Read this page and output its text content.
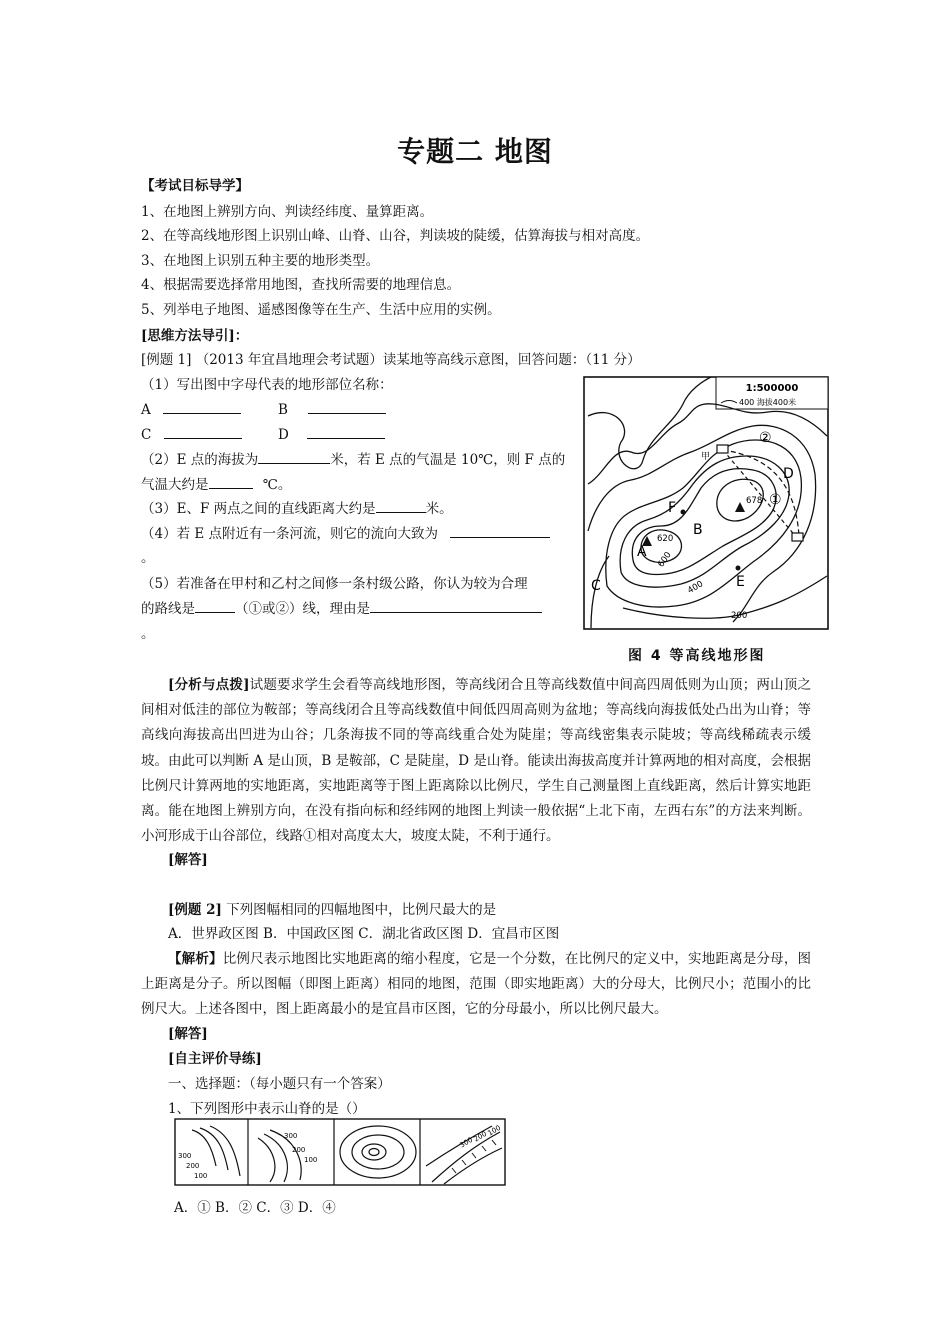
专题二 地图
【考试目标导学】
1、在地图上辨别方向、判读经纬度、量算距离。
2、在等高线地形图上识别山峰、山脊、山谷，判读坡的陡缓，估算海拔与相对高度。
3、在地图上识别五种主要的地形类型。
4、根据需要选择常用地图，查找所需要的地理信息。
5、列举电子地图、遥感图像等在生产、生活中应用的实例。
[思维方法导引]：
[例题 1] （2013 年宜昌地理会考试题）读某地等高线示意图，回答问题：（11 分）
（1）写出图中字母代表的地形部位名称：
A	B
C	D
（2）E 点的海拔为	米，若 E 点的气温是 10℃，则 F 点的
气温大约是	℃。
（3）E、F 两点之间的直线距离大约是	米。
（4）若 E 点附近有一条河流，则它的流向大致为
。
（5）若准备在甲村和乙村之间修一条村级公路，你认为较为合理
的路线是	（①或②）线，理由是
。
1:500000
400 海拔400米
A
B
C
D
E
F
甲
①
②
620
678
600
400
200
图 4 等高线地形图
[分析与点拨]试题要求学生会看等高线地形图，等高线闭合且等高线数值中间高四周低则为山顶；两山顶之间相对低洼的部位为鞍部；等高线闭合且等高线数值中间低四周高则为盆地；等高线向海拔低处凸出为山脊；等高线向海拔高出凹进为山谷；几条海拔不同的等高线重合处为陡崖；等高线密集表示陡坡；等高线稀疏表示缓坡。由此可以判断 A 是山顶，B 是鞍部，C 是陡崖，D 是山脊。能读出海拔高度并计算两地的相对高度，会根据比例尺计算两地的实地距离，实地距离等于图上距离除以比例尺，学生自己测量图上直线距离，然后计算实地距离。能在地图上辨别方向，在没有指向标和经纬网的地图上判读一般依据“上北下南，左西右东”的方法来判断。小河形成于山谷部位，线路①相对高度太大，坡度太陡，不利于通行。
[解答]
[例题 2] 下列图幅相同的四幅地图中，比例尺最大的是
A．世界政区图 B．中国政区图 C．湖北省政区图 D．宜昌市区图
【解析】比例尺表示地图比实地距离的缩小程度，它是一个分数，在比例尺的定义中，实地距离是分母，图上距离是分子。所以图幅（即图上距离）相同的地图，范围（即实地距离）大的分母大，比例尺小；范围小的比例尺大。上述各图中，图上距离最小的是宜昌市区图，它的分母最小，所以比例尺最大。
[解答]
[自主评价导练]
一、选择题：（每小题只有一个答案）
1、下列图形中表示山脊的是（）
300
200
100
300
200
100
300
200
100
A．① B．② C．③ D．④
